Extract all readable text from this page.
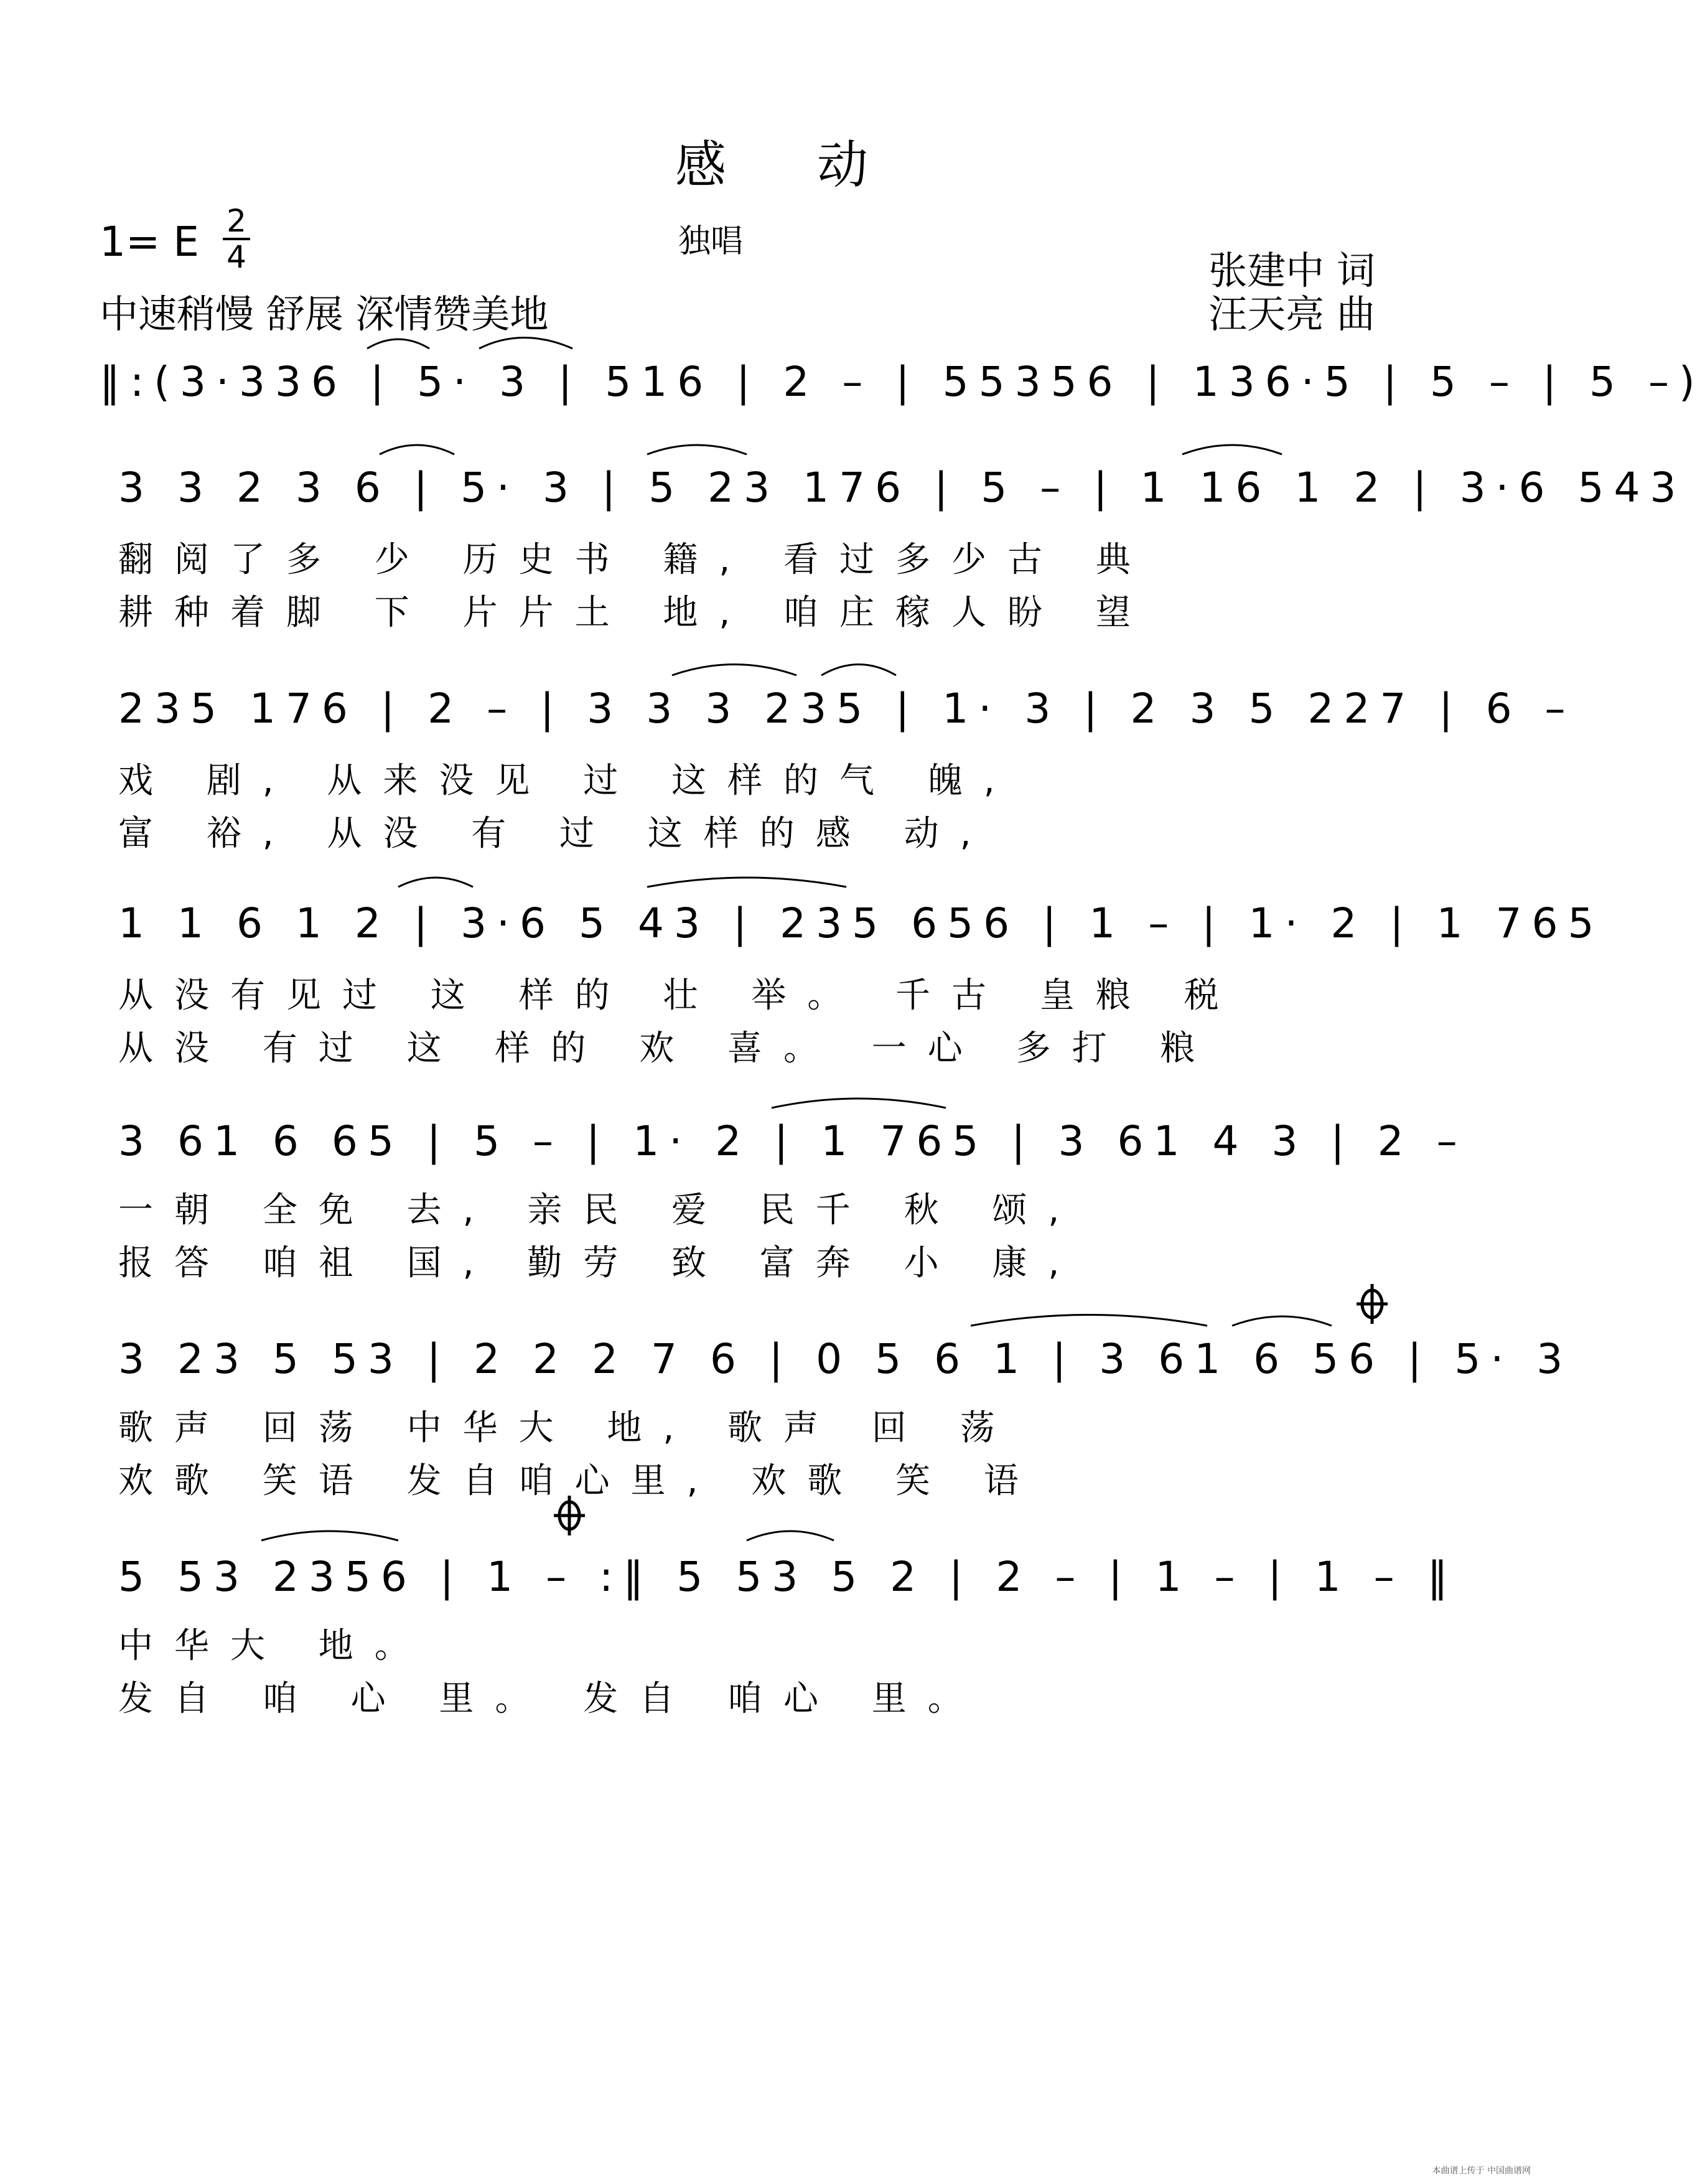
感 动
1= E 2
4	独唱
中速稍慢 舒展 深情赞美地
张建中 词
汪天亮 曲
‖:(3·336 | 5· 3 | 516 | 2 – | 55356 | 136·5 | 5 – | 5 –)
3 3 2 3 6 | 5· 3 | 5 23 176 | 5 – | 1 16 1 2 | 3·6 543
翻阅了多 少 历史书 籍, 看过多少古 典
耕种着脚 下 片片土 地, 咱庄稼人盼 望
235 176 | 2 – | 3 3 3 235 | 1· 3 | 2 3 5 227 | 6 –
戏 剧, 从来没见 过 这样的气 魄,
富 裕, 从没 有 过 这样的感 动,
1 1 6 1 2 | 3·6 5 43 | 235 656 | 1 – | 1· 2 | 1 765
从没有见过 这 样的 壮 举。 千古 皇粮 税
从没 有过 这 样的 欢 喜。 一心 多打 粮
3 61 6 65 | 5 – | 1· 2 | 1 765 | 3 61 4 3 | 2 –
一朝 全免 去, 亲民 爱 民千 秋 颂,
报答 咱祖 国, 勤劳 致 富奔 小 康,
3 23 5 53 | 2 2 2 7 6 | 0 5 6 1 | 3 61 6 56 | 5· 3
歌声 回荡 中华大 地, 歌声 回 荡
欢歌 笑语 发自咱心里, 欢歌 笑 语
5 53 2356 | 1 – :‖ 5 53 5 2 | 2 – | 1 – | 1 – ‖
中华大 地。
发自 咱 心 里。 发自 咱心 里。
本曲谱上传于 中国曲谱网
